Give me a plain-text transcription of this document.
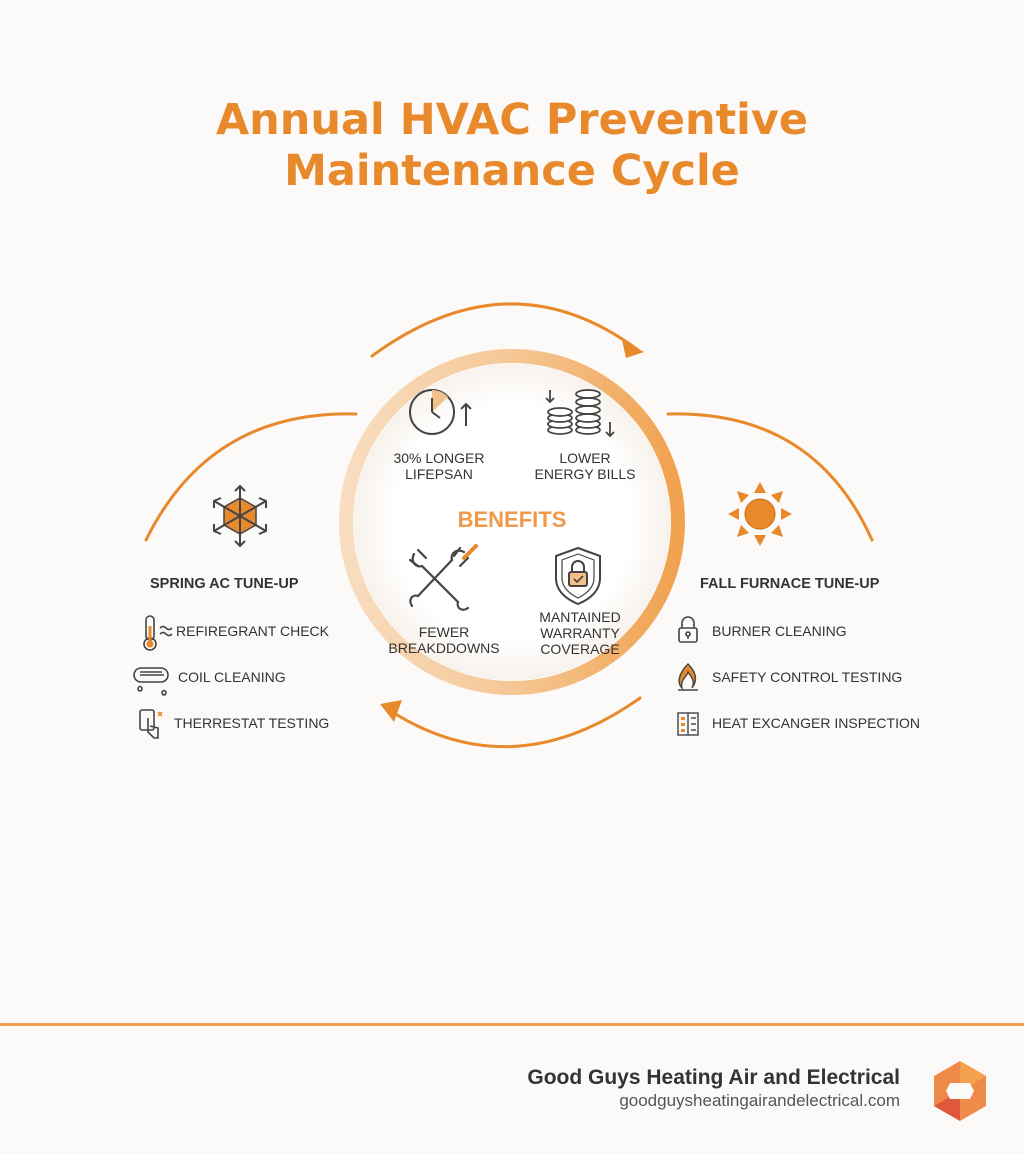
Annual HVAC Preventive
Maintenance Cycle
BENEFITS
30% LONGER
LIFEPSAN
LOWER
ENERGY BILLS
FEWER
BREAKDDOWNS
MANTAINED
WARRANTY
COVERAGE
SPRING AC TUNE-UP
REFIREGRANT CHECK
COIL CLEANING
THERRESTAT TESTING
FALL FURNACE TUNE-UP
BURNER CLEANING
SAFETY CONTROL TESTING
HEAT EXCANGER INSPECTION
Good Guys Heating Air and Electrical
goodguysheatingairandelectrical.com
